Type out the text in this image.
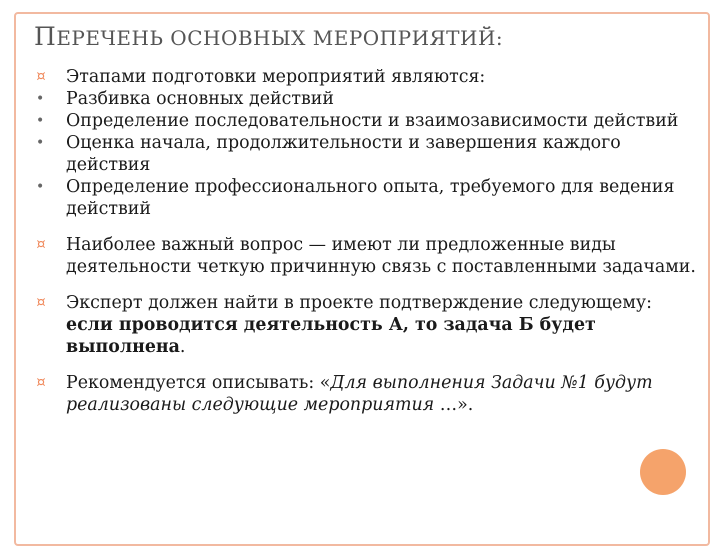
ПЕРЕЧЕНЬ ОСНОВНЫХ МЕРОПРИЯТИЙ:
¤ Этапами подготовки мероприятий являются:
• Разбивка основных действий
• Определение последовательности и взаимозависимости действий
• Оценка начала, продолжительности и завершения каждого действия
• Определение профессионального опыта, требуемого для ведения действий
¤ Наиболее важный вопрос — имеют ли предложенные виды деятельности четкую причинную связь с поставленными задачами.
¤ Эксперт должен найти в проекте подтверждение следующему: если проводится деятельность А, то задача Б будет выполнена.
¤ Рекомендуется описывать: «Для выполнения Задачи №1 будут реализованы следующие мероприятия …».
